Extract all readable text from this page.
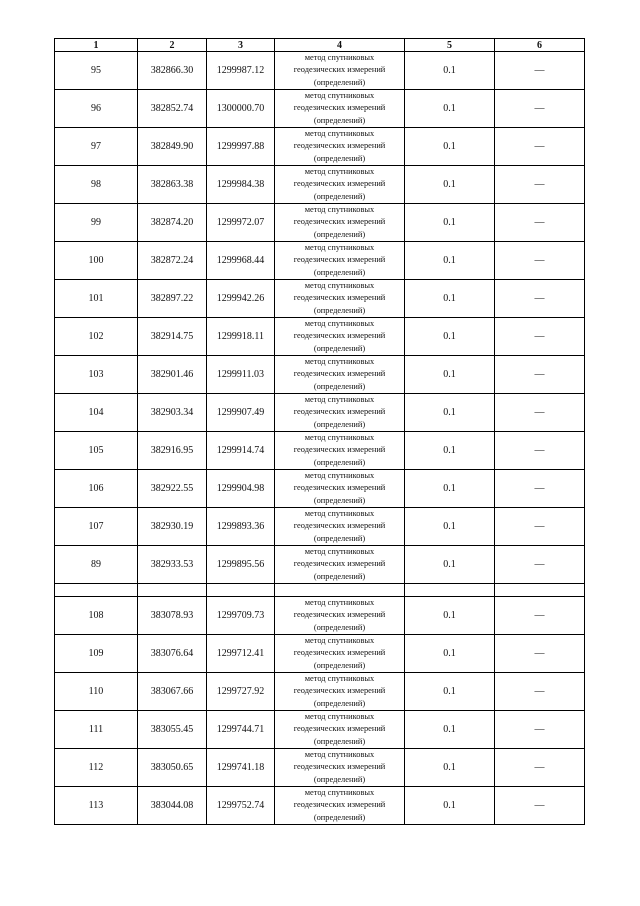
1	2	3	4	5	6
95	382866.30	1299987.12	метод спутниковых
геодезических измерений
(определений)	0.1	—
96	382852.74	1300000.70	метод спутниковых
геодезических измерений
(определений)	0.1	—
97	382849.90	1299997.88	метод спутниковых
геодезических измерений
(определений)	0.1	—
98	382863.38	1299984.38	метод спутниковых
геодезических измерений
(определений)	0.1	—
99	382874.20	1299972.07	метод спутниковых
геодезических измерений
(определений)	0.1	—
100	382872.24	1299968.44	метод спутниковых
геодезических измерений
(определений)	0.1	—
101	382897.22	1299942.26	метод спутниковых
геодезических измерений
(определений)	0.1	—
102	382914.75	1299918.11	метод спутниковых
геодезических измерений
(определений)	0.1	—
103	382901.46	1299911.03	метод спутниковых
геодезических измерений
(определений)	0.1	—
104	382903.34	1299907.49	метод спутниковых
геодезических измерений
(определений)	0.1	—
105	382916.95	1299914.74	метод спутниковых
геодезических измерений
(определений)	0.1	—
106	382922.55	1299904.98	метод спутниковых
геодезических измерений
(определений)	0.1	—
107	382930.19	1299893.36	метод спутниковых
геодезических измерений
(определений)	0.1	—
89	382933.53	1299895.56	метод спутниковых
геодезических измерений
(определений)	0.1	—

108	383078.93	1299709.73	метод спутниковых
геодезических измерений
(определений)	0.1	—
109	383076.64	1299712.41	метод спутниковых
геодезических измерений
(определений)	0.1	—
110	383067.66	1299727.92	метод спутниковых
геодезических измерений
(определений)	0.1	—
111	383055.45	1299744.71	метод спутниковых
геодезических измерений
(определений)	0.1	—
112	383050.65	1299741.18	метод спутниковых
геодезических измерений
(определений)	0.1	—
113	383044.08	1299752.74	метод спутниковых
геодезических измерений
(определений)	0.1	—
